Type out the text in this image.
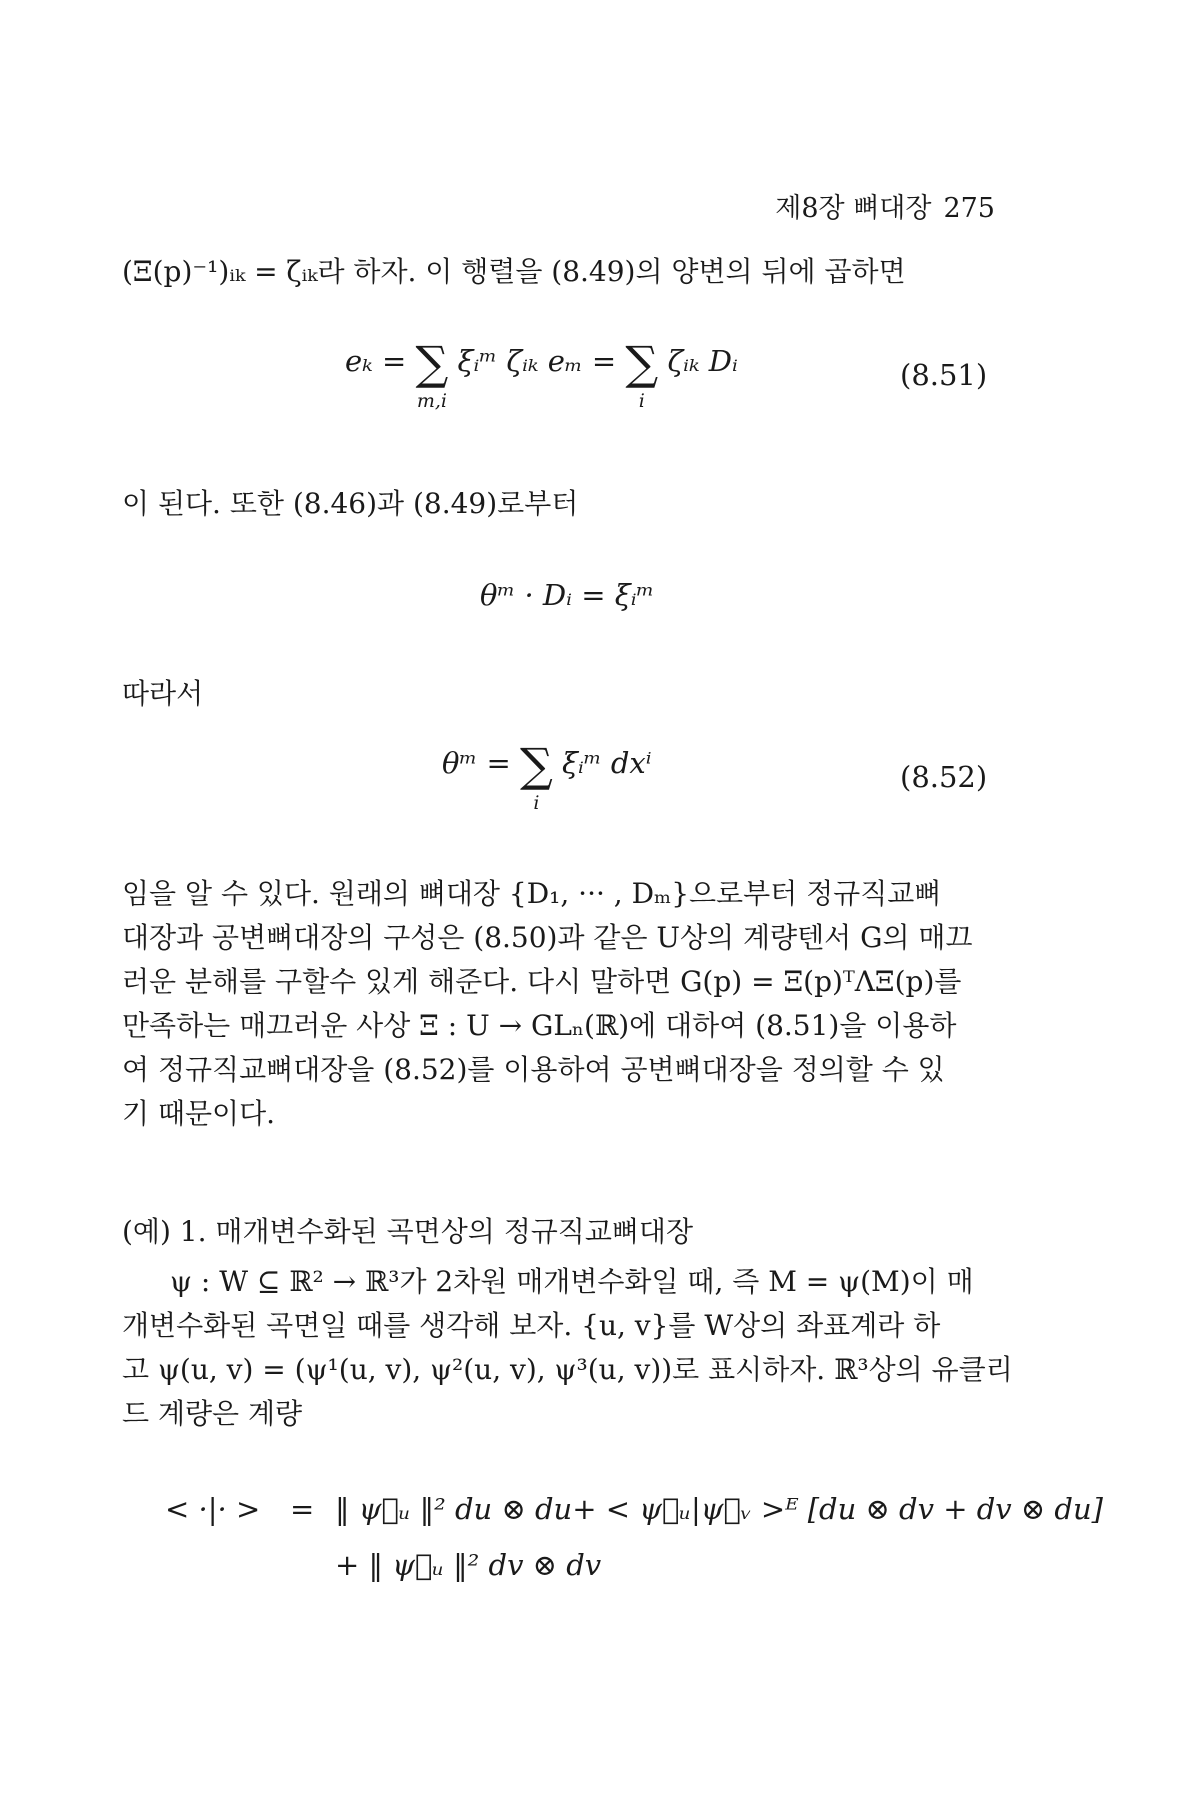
제8장 뼈대장 275
(Ξ(p)⁻¹)ᵢₖ = ζᵢₖ라 하자. 이 행렬을 (8.49)의 양변의 뒤에 곱하면
eₖ = ∑
m,i
ξᵢᵐ ζᵢₖ eₘ = ∑
i
ζᵢₖ Dᵢ	(8.51)
이 된다. 또한 (8.46)과 (8.49)로부터
θᵐ · Dᵢ = ξᵢᵐ
따라서
θᵐ = ∑
i
ξᵢᵐ dxⁱ	(8.52)
임을 알 수 있다. 원래의 뼈대장 {D₁, ··· , Dₘ}으로부터 정규직교뼈
대장과 공변뼈대장의 구성은 (8.50)과 같은 U상의 계량텐서 G의 매끄
러운 분해를 구할수 있게 해준다. 다시 말하면 G(p) = Ξ(p)ᵀΛΞ(p)를
만족하는 매끄러운 사상 Ξ : U → GLₙ(ℝ)에 대하여 (8.51)을 이용하
여 정규직교뼈대장을 (8.52)를 이용하여 공변뼈대장을 정의할 수 있
기 때문이다.
(예) 1. 매개변수화된 곡면상의 정규직교뼈대장
ψ : W ⊆ ℝ² → ℝ³가 2차원 매개변수화일 때, 즉 M = ψ(M)이 매
개변수화된 곡면일 때를 생각해 보자. {u, v}를 W상의 좌표계라 하
고 ψ(u, v) = (ψ¹(u, v), ψ²(u, v), ψ³(u, v))로 표시하자. ℝ³상의 유클리
드 계량은 계량
< ·|· > = ‖ ψ⃗ᵤ ‖² du ⊗ du+ < ψ⃗ᵤ|ψ⃗ᵥ >ᴱ [du ⊗ dv + dv ⊗ du]
+ ‖ ψ⃗ᵤ ‖² dv ⊗ dv
